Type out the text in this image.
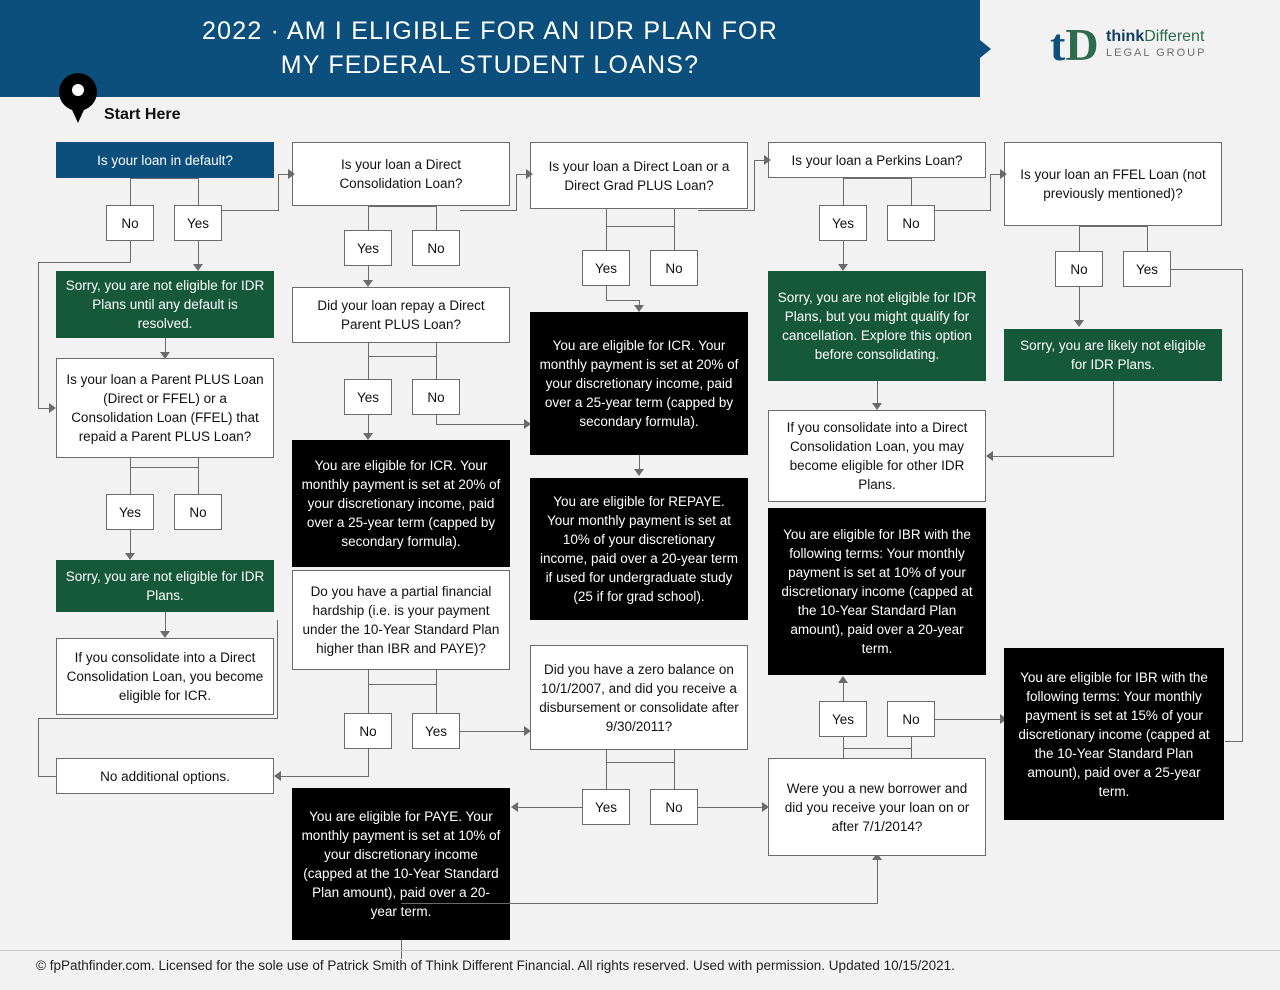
2022 · AM I ELIGIBLE FOR AN IDR PLAN FOR
MY FEDERAL STUDENT LOANS?	tD thinkDifferent
LEGAL GROUP
Start Here
Is your loan in default?
No	Yes
Sorry, you are not eligible for IDR Plans until any default is resolved.
Is your loan a Parent PLUS Loan (Direct or FFEL) or a Consolidation Loan (FFEL) that repaid a Parent PLUS Loan?
Yes	No
Sorry, you are not eligible for IDR Plans.
If you consolidate into a Direct Consolidation Loan, you become eligible for ICR.
No additional options.
Is your loan a Direct Consolidation Loan?
Yes	No
Did your loan repay a Direct Parent PLUS Loan?
Yes	No
You are eligible for ICR. Your monthly payment is set at 20% of your discretionary income, paid over a 25-year term (capped by secondary formula).
Do you have a partial financial hardship (i.e. is your payment under the 10-Year Standard Plan higher than IBR and PAYE)?
No	Yes
You are eligible for PAYE. Your monthly payment is set at 10% of your discretionary income (capped at the 10-Year Standard Plan amount), paid over a 20-year term.
Is your loan a Direct Loan or a Direct Grad PLUS Loan?
Yes	No
You are eligible for ICR. Your monthly payment is set at 20% of your discretionary income, paid over a 25-year term (capped by secondary formula).
You are eligible for REPAYE. Your monthly payment is set at 10% of your discretionary income, paid over a 20-year term if used for undergraduate study (25 if for grad school).
Did you have a zero balance on 10/1/2007, and did you receive a disbursement or consolidate after 9/30/2011?
Yes	No
Is your loan a Perkins Loan?
Yes	No
Sorry, you are not eligible for IDR Plans, but you might qualify for cancellation. Explore this option before consolidating.
If you consolidate into a Direct Consolidation Loan, you may become eligible for other IDR Plans.
You are eligible for IBR with the following terms: Your monthly payment is set at 10% of your discretionary income (capped at the 10-Year Standard Plan amount), paid over a 20-year term.
Yes	No
Were you a new borrower and did you receive your loan on or after 7/1/2014?
Is your loan an FFEL Loan (not previously mentioned)?
No	Yes
Sorry, you are likely not eligible for IDR Plans.
You are eligible for IBR with the following terms: Your monthly payment is set at 15% of your discretionary income (capped at the 10-Year Standard Plan amount), paid over a 25-year term.
© fpPathfinder.com. Licensed for the sole use of Patrick Smith of Think Different Financial. All rights reserved. Used with permission. Updated 10/15/2021.
